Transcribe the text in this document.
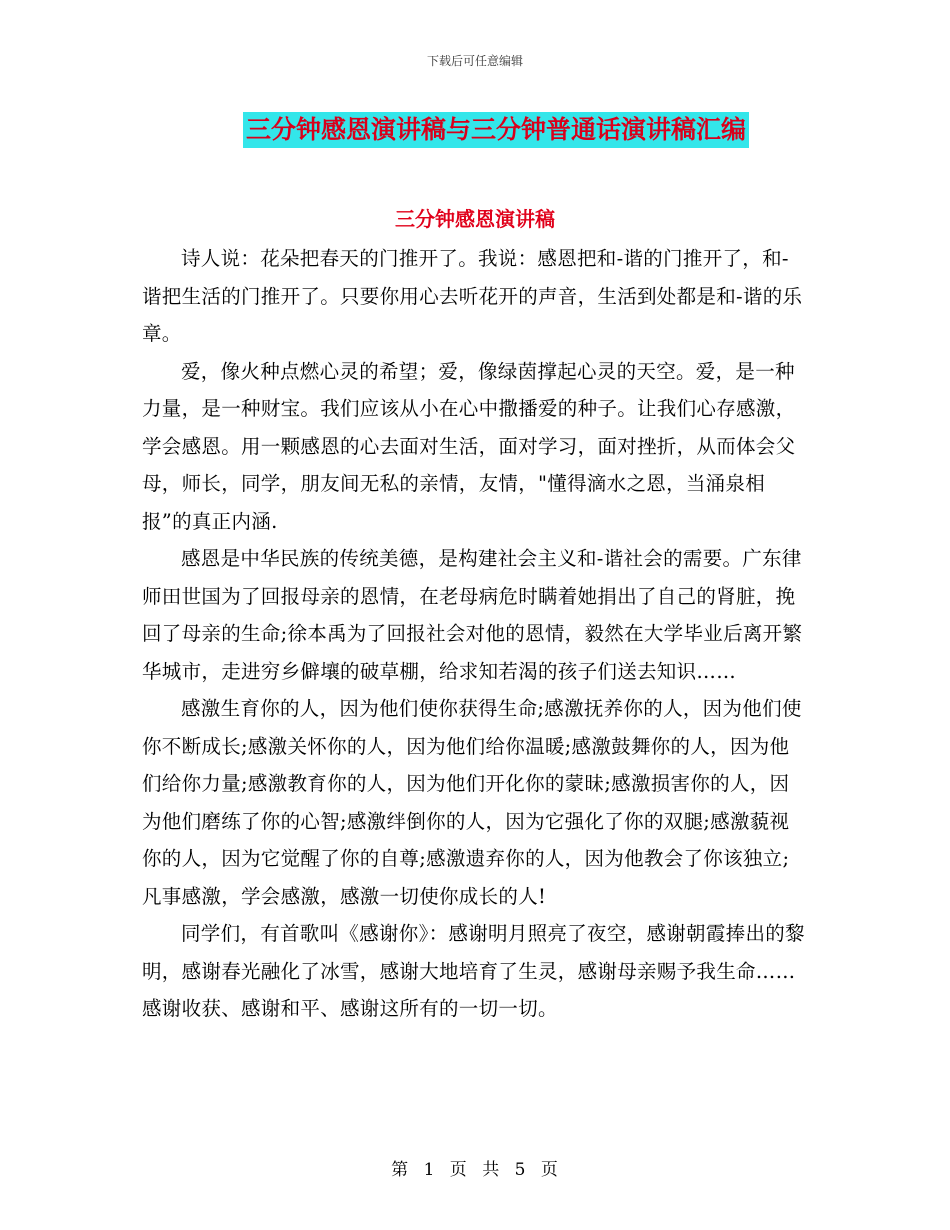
下载后可任意编辑
三分钟感恩演讲稿与三分钟普通话演讲稿汇编
三分钟感恩演讲稿

诗人说：花朵把春天的门推开了。我说：感恩把和-谐的门推开了，和-谐把生活的门推开了。只要你用心去听花开的声音，生活到处都是和-谐的乐章。

爱，像火种点燃心灵的希望；爱，像绿茵撑起心灵的天空。爱，是一种力量，是一种财宝。我们应该从小在心中撒播爱的种子。让我们心存感激，学会感恩。用一颗感恩的心去面对生活，面对学习，面对挫折，从而体会父母，师长，同学，朋友间无私的亲情，友情，"懂得滴水之恩，当涌泉相报”的真正内涵.

感恩是中华民族的传统美德，是构建社会主义和-谐社会的需要。广东律师田世国为了回报母亲的恩情，在老母病危时瞒着她捐出了自己的肾脏，挽回了母亲的生命;徐本禹为了回报社会对他的恩情，毅然在大学毕业后离开繁华城市，走进穷乡僻壤的破草棚，给求知若渴的孩子们送去知识……

感激生育你的人，因为他们使你获得生命;感激抚养你的人，因为他们使你不断成长;感激关怀你的人，因为他们给你温暖;感激鼓舞你的人，因为他们给你力量;感激教育你的人，因为他们开化你的蒙昧;感激损害你的人，因为他们磨练了你的心智;感激绊倒你的人，因为它强化了你的双腿;感激藐视你的人，因为它觉醒了你的自尊;感激遗弃你的人，因为他教会了你该独立;凡事感激，学会感激，感激一切使你成长的人!

同学们，有首歌叫《感谢你》：感谢明月照亮了夜空，感谢朝霞捧出的黎明，感谢春光融化了冰雪，感谢大地培育了生灵，感谢母亲赐予我生命……感谢收获、感谢和平、感谢这所有的一切一切。

第 1 页 共 5 页
